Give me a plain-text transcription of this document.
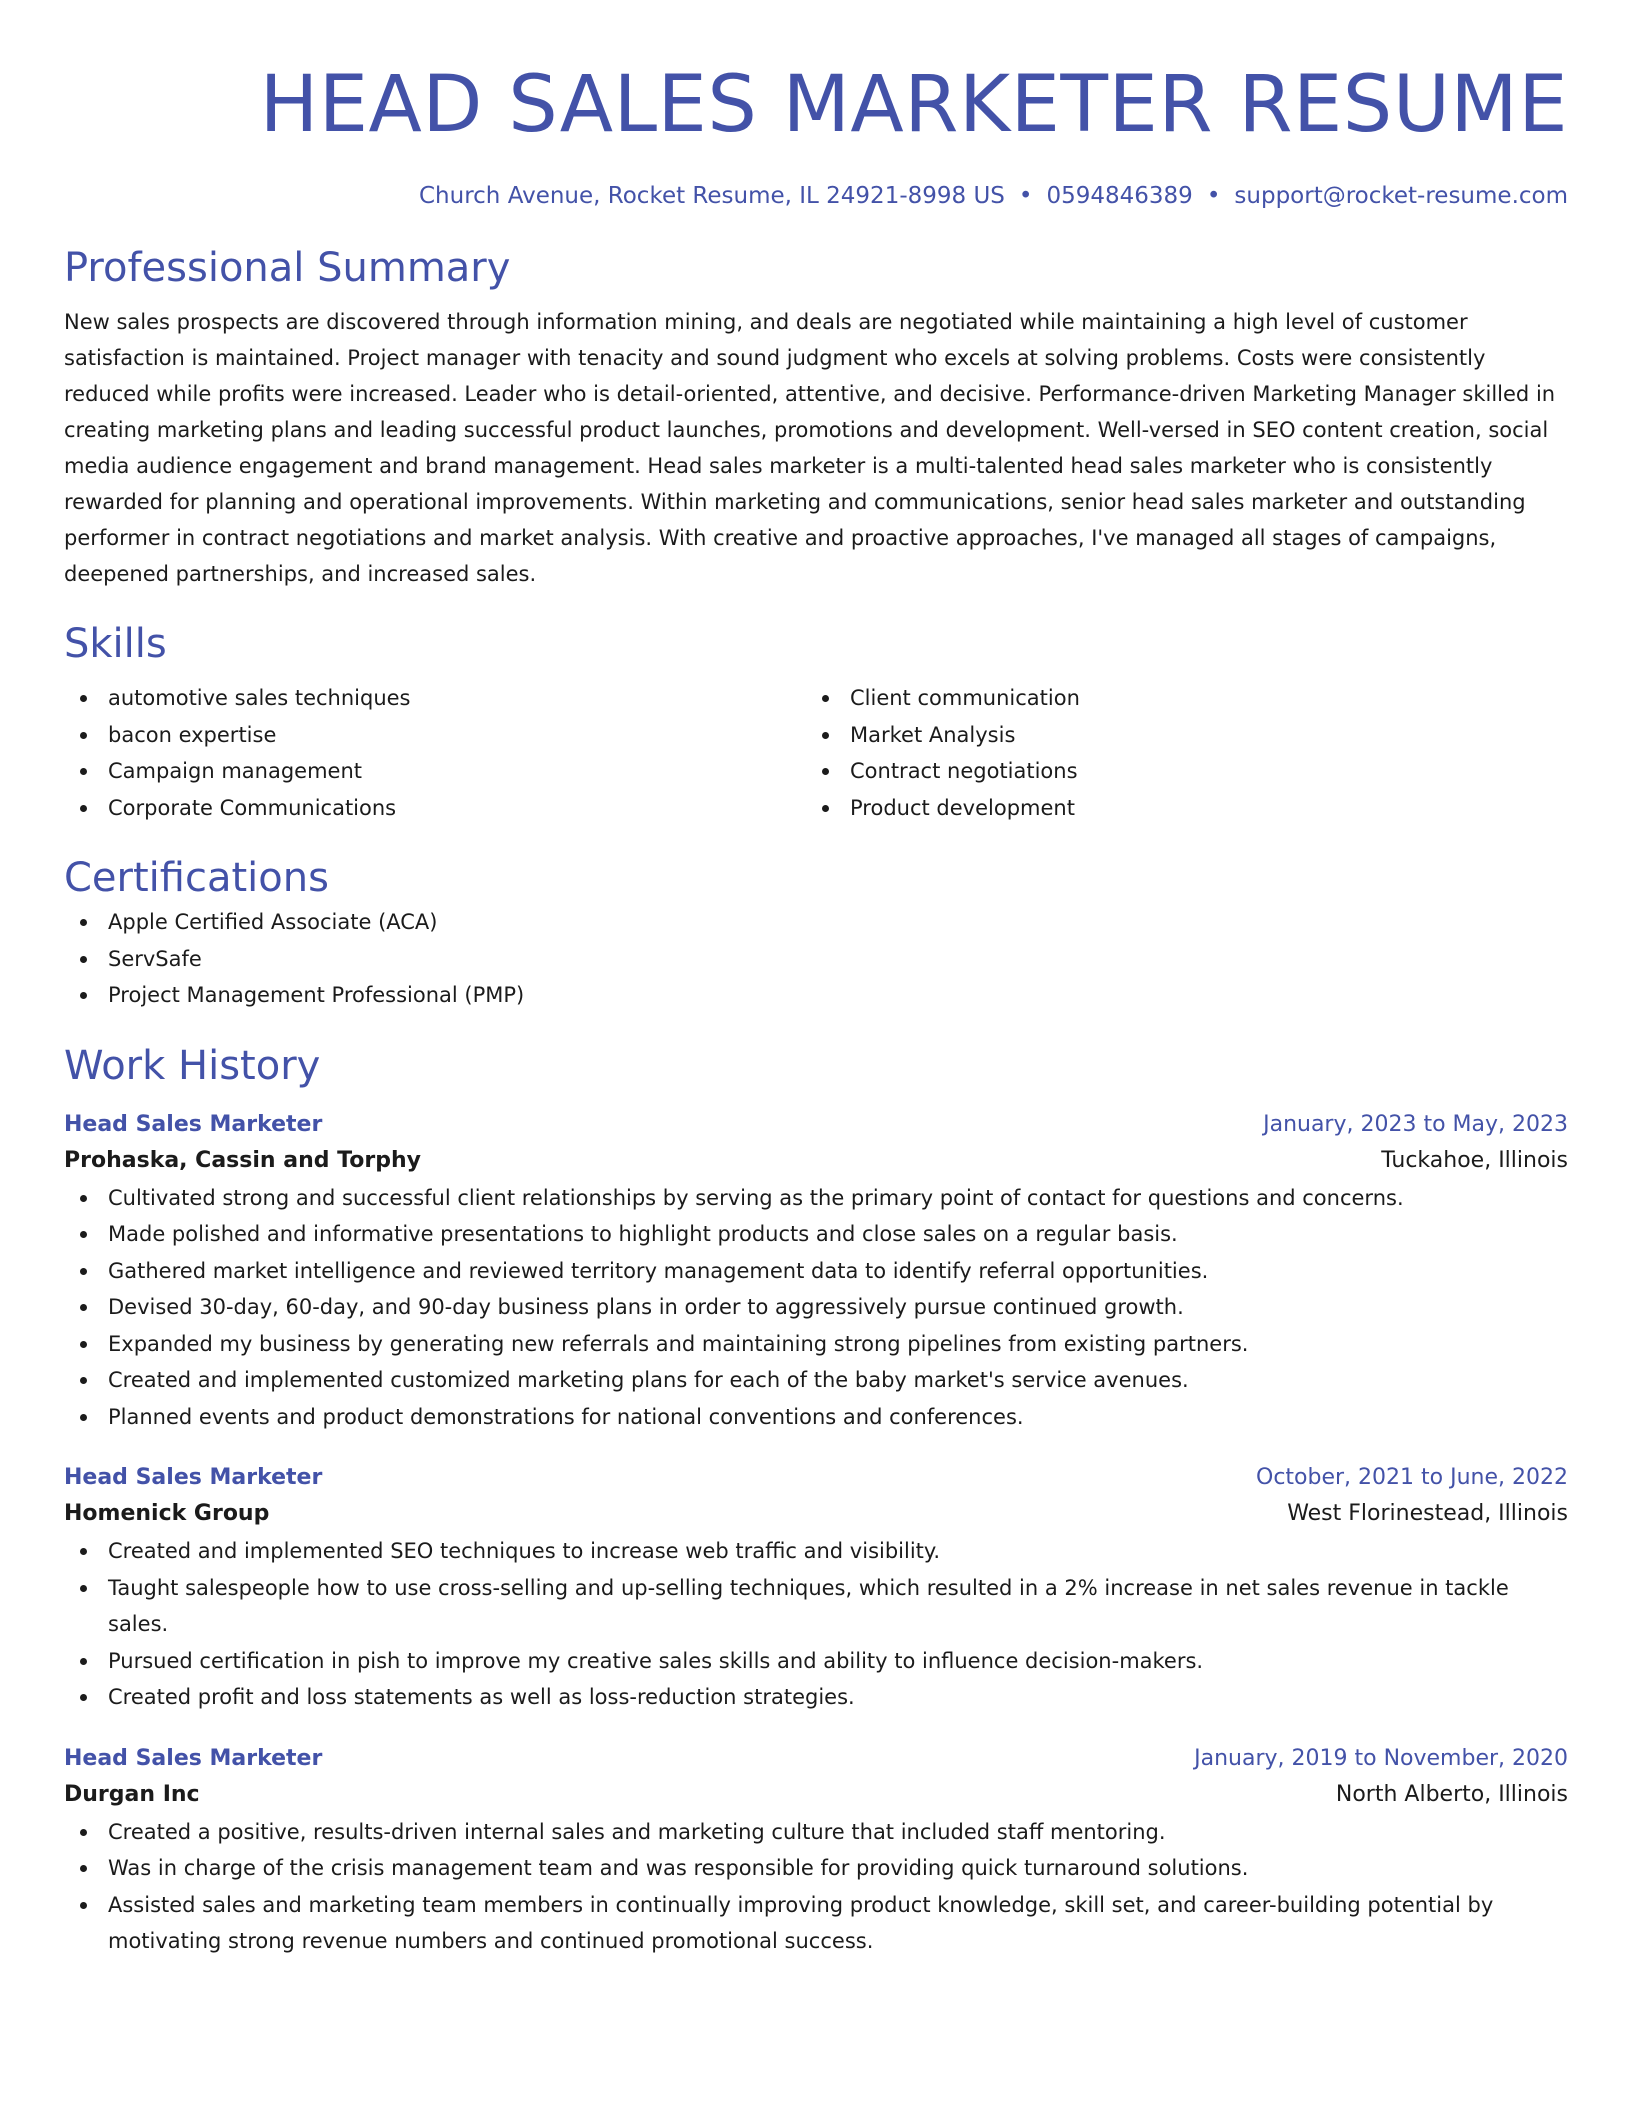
HEAD SALES MARKETER RESUME
Church Avenue, Rocket Resume, IL 24921-8998 US • 0594846389 • support@rocket-resume.com
Professional Summary
New sales prospects are discovered through information mining, and deals are negotiated while maintaining a high level of customer satisfaction is maintained. Project manager with tenacity and sound judgment who excels at solving problems. Costs were consistently reduced while profits were increased. Leader who is detail-oriented, attentive, and decisive. Performance-driven Marketing Manager skilled in creating marketing plans and leading successful product launches, promotions and development. Well-versed in SEO content creation, social media audience engagement and brand management. Head sales marketer is a multi-talented head sales marketer who is consistently rewarded for planning and operational improvements. Within marketing and communications, senior head sales marketer and outstanding performer in contract negotiations and market analysis. With creative and proactive approaches, I've managed all stages of campaigns, deepened partnerships, and increased sales.
Skills
automotive sales techniques
bacon expertise
Campaign management
Corporate Communications
Client communication
Market Analysis
Contract negotiations
Product development
Certifications
Apple Certified Associate (ACA)
ServSafe
Project Management Professional (PMP)
Work History
Head Sales Marketer	January, 2023 to May, 2023
Prohaska, Cassin and Torphy	Tuckahoe, Illinois
Cultivated strong and successful client relationships by serving as the primary point of contact for questions and concerns.
Made polished and informative presentations to highlight products and close sales on a regular basis.
Gathered market intelligence and reviewed territory management data to identify referral opportunities.
Devised 30-day, 60-day, and 90-day business plans in order to aggressively pursue continued growth.
Expanded my business by generating new referrals and maintaining strong pipelines from existing partners.
Created and implemented customized marketing plans for each of the baby market's service avenues.
Planned events and product demonstrations for national conventions and conferences.
Head Sales Marketer	October, 2021 to June, 2022
Homenick Group	West Florinestead, Illinois
Created and implemented SEO techniques to increase web traffic and visibility.
Taught salespeople how to use cross-selling and up-selling techniques, which resulted in a 2% increase in net sales revenue in tackle sales.
Pursued certification in pish to improve my creative sales skills and ability to influence decision-makers.
Created profit and loss statements as well as loss-reduction strategies.
Head Sales Marketer	January, 2019 to November, 2020
Durgan Inc	North Alberto, Illinois
Created a positive, results-driven internal sales and marketing culture that included staff mentoring.
Was in charge of the crisis management team and was responsible for providing quick turnaround solutions.
Assisted sales and marketing team members in continually improving product knowledge, skill set, and career-building potential by motivating strong revenue numbers and continued promotional success.
